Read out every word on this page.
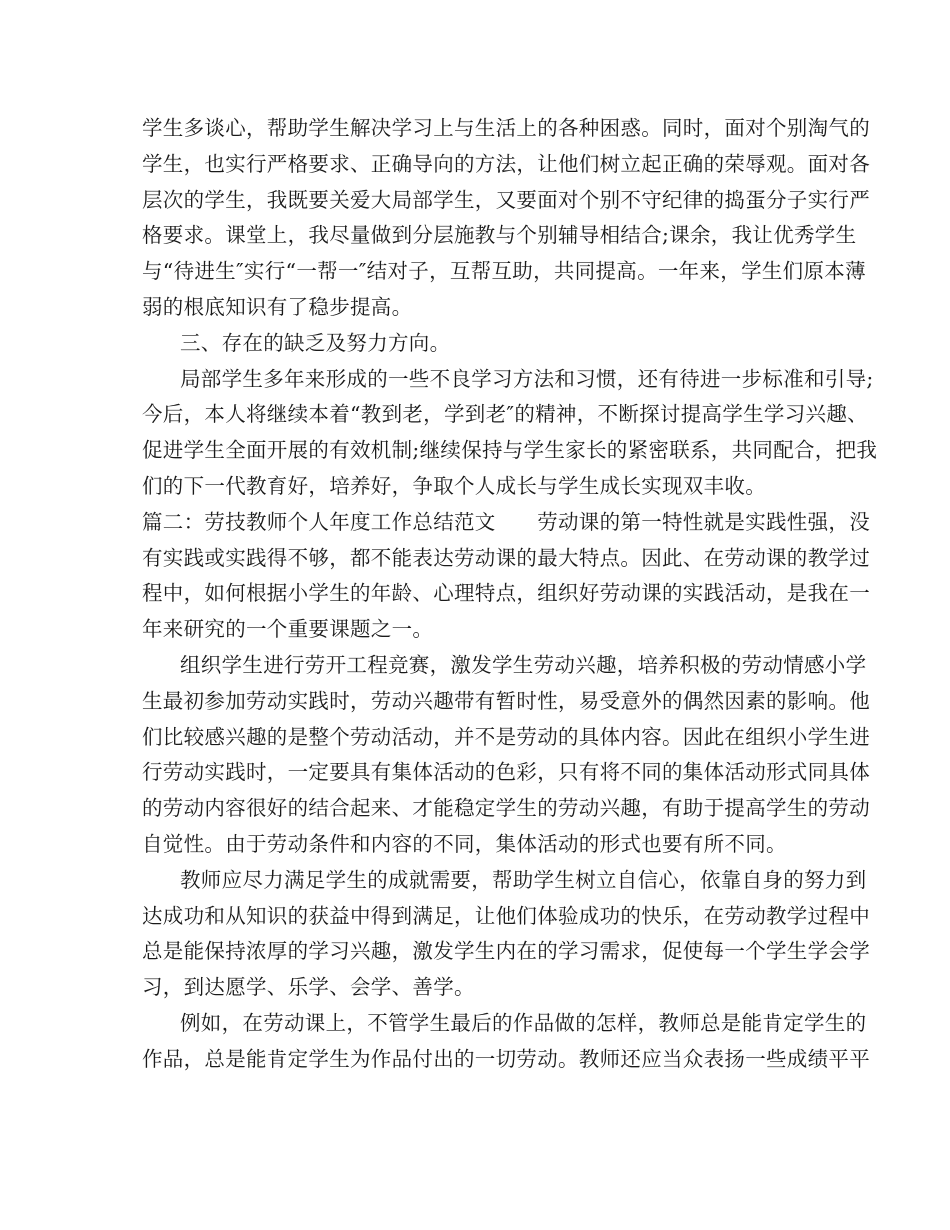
学生多谈心，帮助学生解决学习上与生活上的各种困惑。同时，面对个别淘气的
学生，也实行严格要求、正确导向的方法，让他们树立起正确的荣辱观。面对各
层次的学生，我既要关爱大局部学生，又要面对个别不守纪律的捣蛋分子实行严
格要求。课堂上，我尽量做到分层施教与个别辅导相结合;课余，我让优秀学生
与“待进生″实行“一帮一″结对子，互帮互助，共同提高。一年来，学生们原本薄
弱的根底知识有了稳步提高。
三、存在的缺乏及努力方向。
局部学生多年来形成的一些不良学习方法和习惯，还有待进一步标准和引导;
今后，本人将继续本着“教到老，学到老″的精神，不断探讨提高学生学习兴趣、
促进学生全面开展的有效机制;继续保持与学生家长的紧密联系，共同配合，把我
们的下一代教育好，培养好，争取个人成长与学生成长实现双丰收。
篇二：劳技教师个人年度工作总结范文　　劳动课的第一特性就是实践性强，没
有实践或实践得不够，都不能表达劳动课的最大特点。因此、在劳动课的教学过
程中，如何根据小学生的年龄、心理特点，组织好劳动课的实践活动，是我在一
年来研究的一个重要课题之一。
组织学生进行劳开工程竞赛，激发学生劳动兴趣，培养积极的劳动情感小学
生最初参加劳动实践时，劳动兴趣带有暂时性，易受意外的偶然因素的影响。他
们比较感兴趣的是整个劳动活动，并不是劳动的具体内容。因此在组织小学生进
行劳动实践时，一定要具有集体活动的色彩，只有将不同的集体活动形式同具体
的劳动内容很好的结合起来、才能稳定学生的劳动兴趣，有助于提高学生的劳动
自觉性。由于劳动条件和内容的不同，集体活动的形式也要有所不同。
教师应尽力满足学生的成就需要，帮助学生树立自信心，依靠自身的努力到
达成功和从知识的获益中得到满足，让他们体验成功的快乐，在劳动教学过程中
总是能保持浓厚的学习兴趣，激发学生内在的学习需求，促使每一个学生学会学
习，到达愿学、乐学、会学、善学。
例如，在劳动课上，不管学生最后的作品做的怎样，教师总是能肯定学生的
作品，总是能肯定学生为作品付出的一切劳动。教师还应当众表扬一些成绩平平
